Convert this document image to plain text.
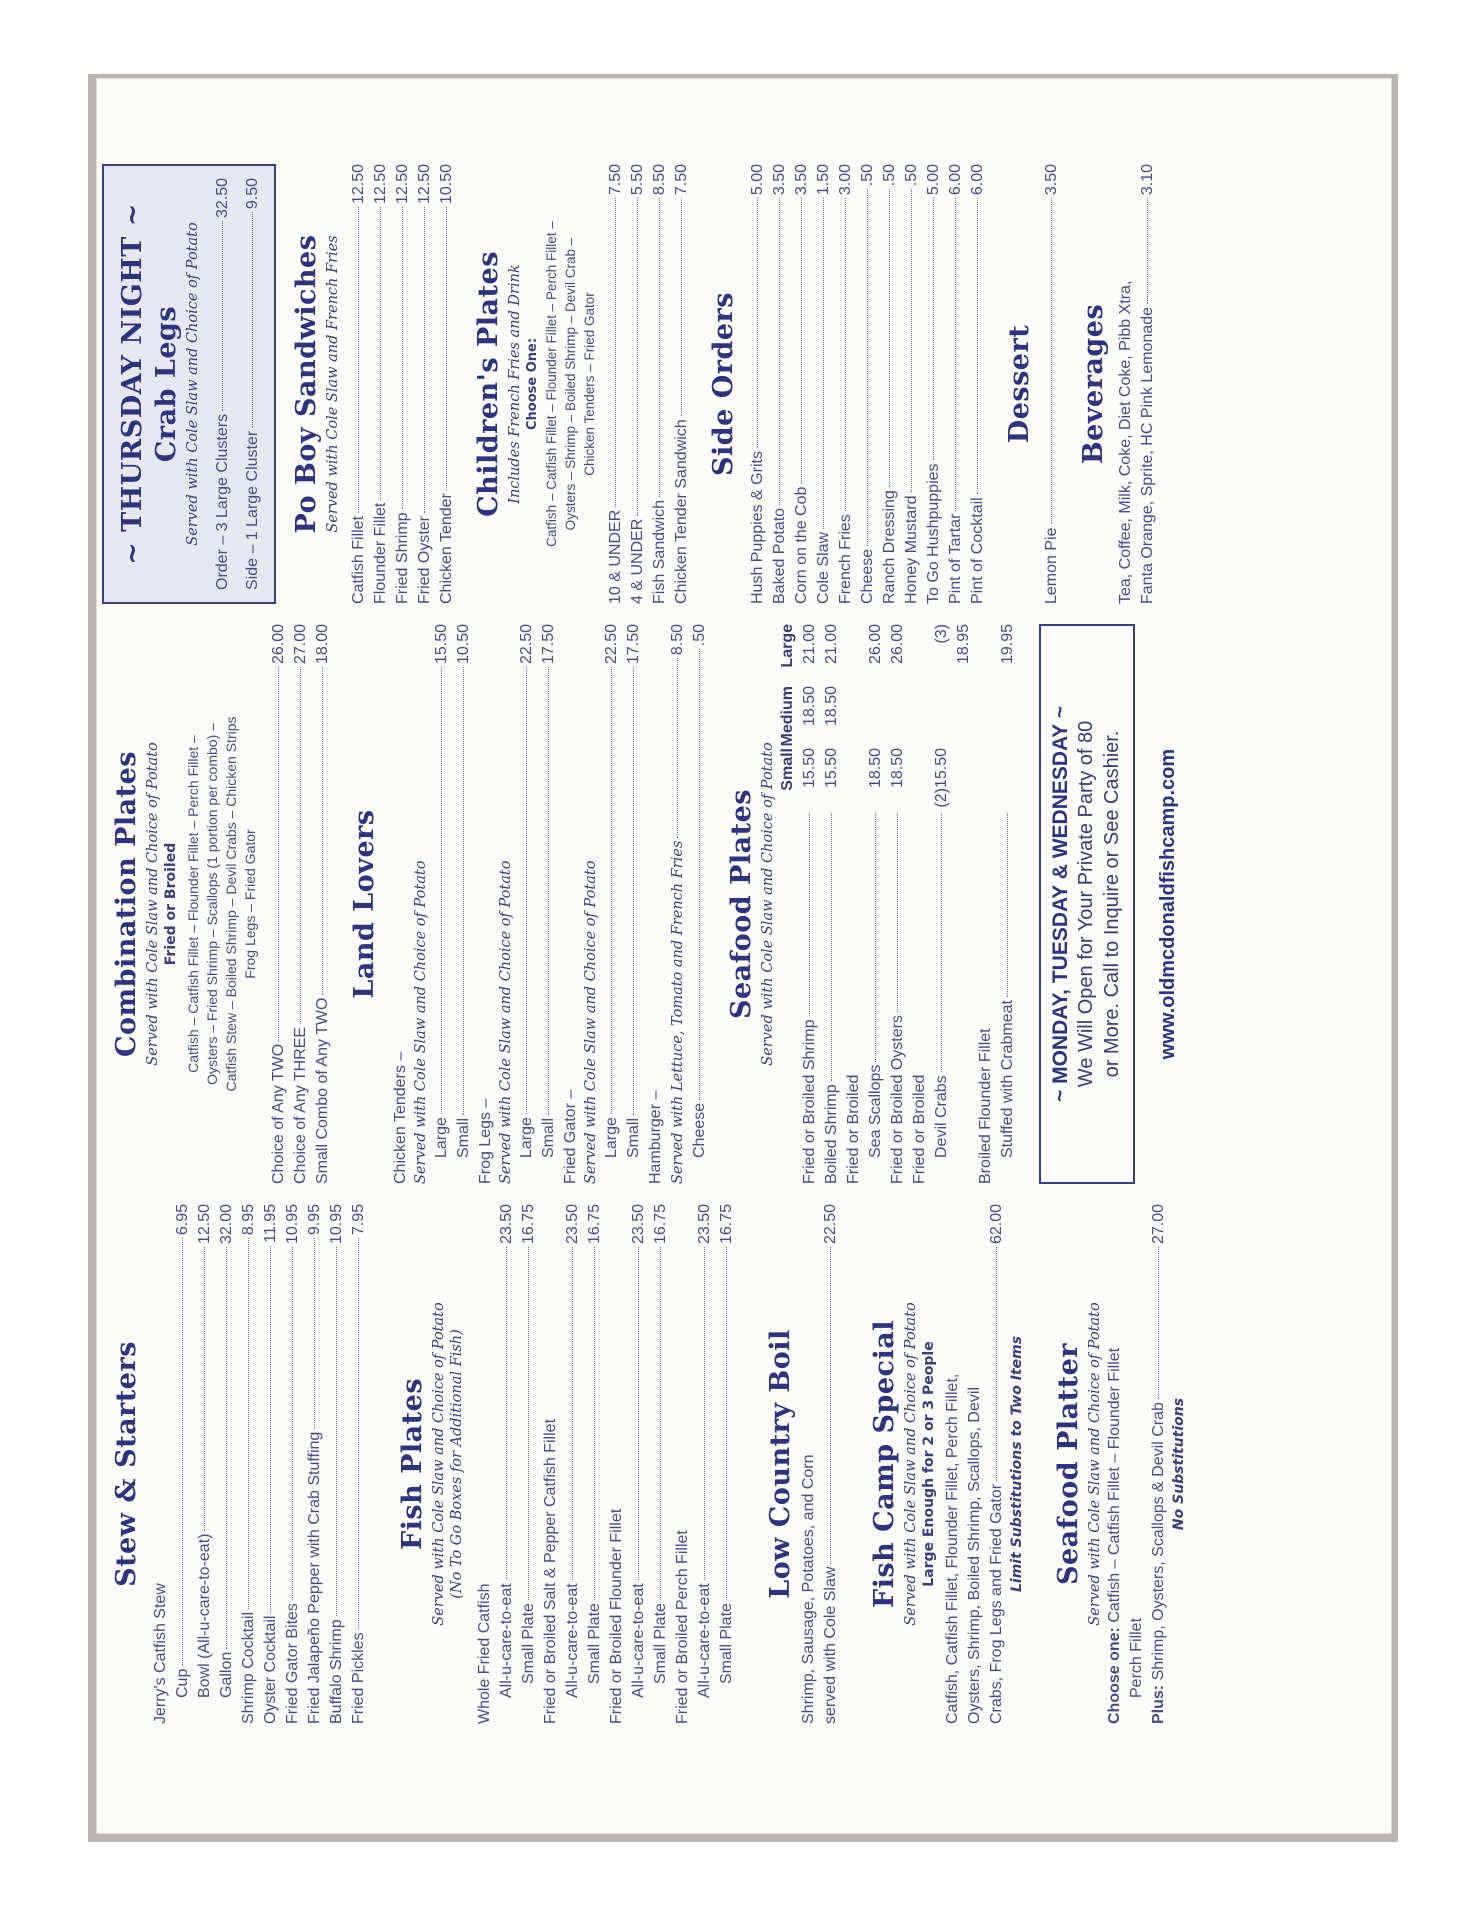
Stew & Starters
Jerry's Catfish Stew Cup
6.95
Bowl (All-u-care-to-eat)
12.50
Gallon
32.00
Shrimp Cocktail
8.95
Oyster Cocktail
11.95
Fried Gator Bites
10.95
Fried Jalapeño Pepper with Crab Stuffing
9.95
Buffalo Shrimp
10.95
Fried Pickles
7.95
Fish Plates Served with Cole Slaw and Choice of Potato (No To Go Boxes for Additional Fish)
Whole Fried Catfish All-u-care-to-eat
23.50
Small Plate
16.75
Fried or Broiled Salt & Pepper Catfish Fillet All-u-care-to-eat
23.50
Small Plate
16.75
Fried or Broiled Flounder Fillet All-u-care-to-eat
23.50
Small Plate
16.75
Fried or Broiled Perch Fillet All-u-care-to-eat
23.50
Small Plate
16.75
Low Country Boil Shrimp, Sausage, Potatoes, and Corn served with Cole Slaw
22.50
Fish Camp Special Served with Cole Slaw and Choice of Potato Large Enough for 2 or 3 People Catfish, Catfish Fillet, Flounder Fillet, Perch Fillet, Oysters, Shrimp, Boiled Shrimp, Scallops, Devil Crabs, Frog Legs and Fried Gator
62.00
Limit Substitutions to Two Items Seafood Platter Served with Cole Slaw and Choice of Potato
Choose one: Catfish – Catfish Fillet – Flounder Fillet
Perch Fillet
Plus: Shrimp, Oysters, Scallops & Devil Crab
27.00
No Substitutions
Combination Plates Served with Cole Slaw and Choice of Potato Fried or Broiled Catfish – Catfish Fillet – Flounder Fillet – Perch Fillet – Oysters – Fried Shrimp – Scallops (1 portion per combo) – Catfish Stew – Boiled Shrimp – Devil Crabs – Chicken Strips Frog Legs – Fried Gator
Choice of Any TWO
26.00
Choice of Any THREE
27.00
Small Combo of Any TWO
18.00
Land Lovers
Chicken Tenders – Served with Cole Slaw and Choice of Potato Large
15.50
Small
10.50
Frog Legs – Served with Cole Slaw and Choice of Potato Large
22.50
Small
17.50
Fried Gator – Served with Cole Slaw and Choice of Potato Large
22.50
Small
17.50
Hamburger – Served with Lettuce, Tomato and French Fries
8.50
Cheese
.50
Seafood Plates Served with Cole Slaw and Choice of Potato Small
Medium
Large
Fried or Broiled Shrimp
15.50
18.50
21.00
Boiled Shrimp
15.50
18.50
21.00
Fried or Broiled Sea Scallops
18.50
26.00
Fried or Broiled Oysters
18.50
26.00
Fried or Broiled Devil Crabs
(2)15.50
(3) 18.95
Broiled Flounder Fillet Stuffed with Crabmeat
19.95
~ MONDAY, TUESDAY & WEDNESDAY ~ We Will Open for Your Private Party of 80 or More. Call to Inquire or See Cashier. www.oldmcdonaldfishcamp.com
~ THURSDAY NIGHT ~ Crab Legs Served with Cole Slaw and Choice of Potato Order – 3 Large Clusters
32.50
Side – 1 Large Cluster
9.50
Po Boy Sandwiches Served with Cole Slaw and French Fries
Catfish Fillet
12.50
Flounder Fillet
12.50
Fried Shrimp
12.50
Fried Oyster
12.50
Chicken Tender
10.50
Children's Plates Includes French Fries and Drink Choose One: Catfish – Catfish Fillet – Flounder Fillet – Perch Fillet – Oysters – Shrimp – Boiled Shrimp – Devil Crab – Chicken Tenders – Fried Gator
10 & UNDER
7.50
4 & UNDER
5.50
Fish Sandwich
8.50
Chicken Tender Sandwich
7.50
Side Orders
Hush Puppies & Grits
5.00
Baked Potato
3.50
Corn on the Cob
3.50
Cole Slaw
1.50
French Fries
3.00
Cheese
.50
Ranch Dressing
.50
Honey Mustard
.50
To Go Hushpuppies
5.00
Pint of Tartar
6.00
Pint of Cocktail
6.00
Dessert
Lemon Pie
3.50
Beverages Tea, Coffee, Milk, Coke, Diet Coke, Pibb Xtra, Fanta Orange, Sprite, HC Pink Lemonade
3.10
